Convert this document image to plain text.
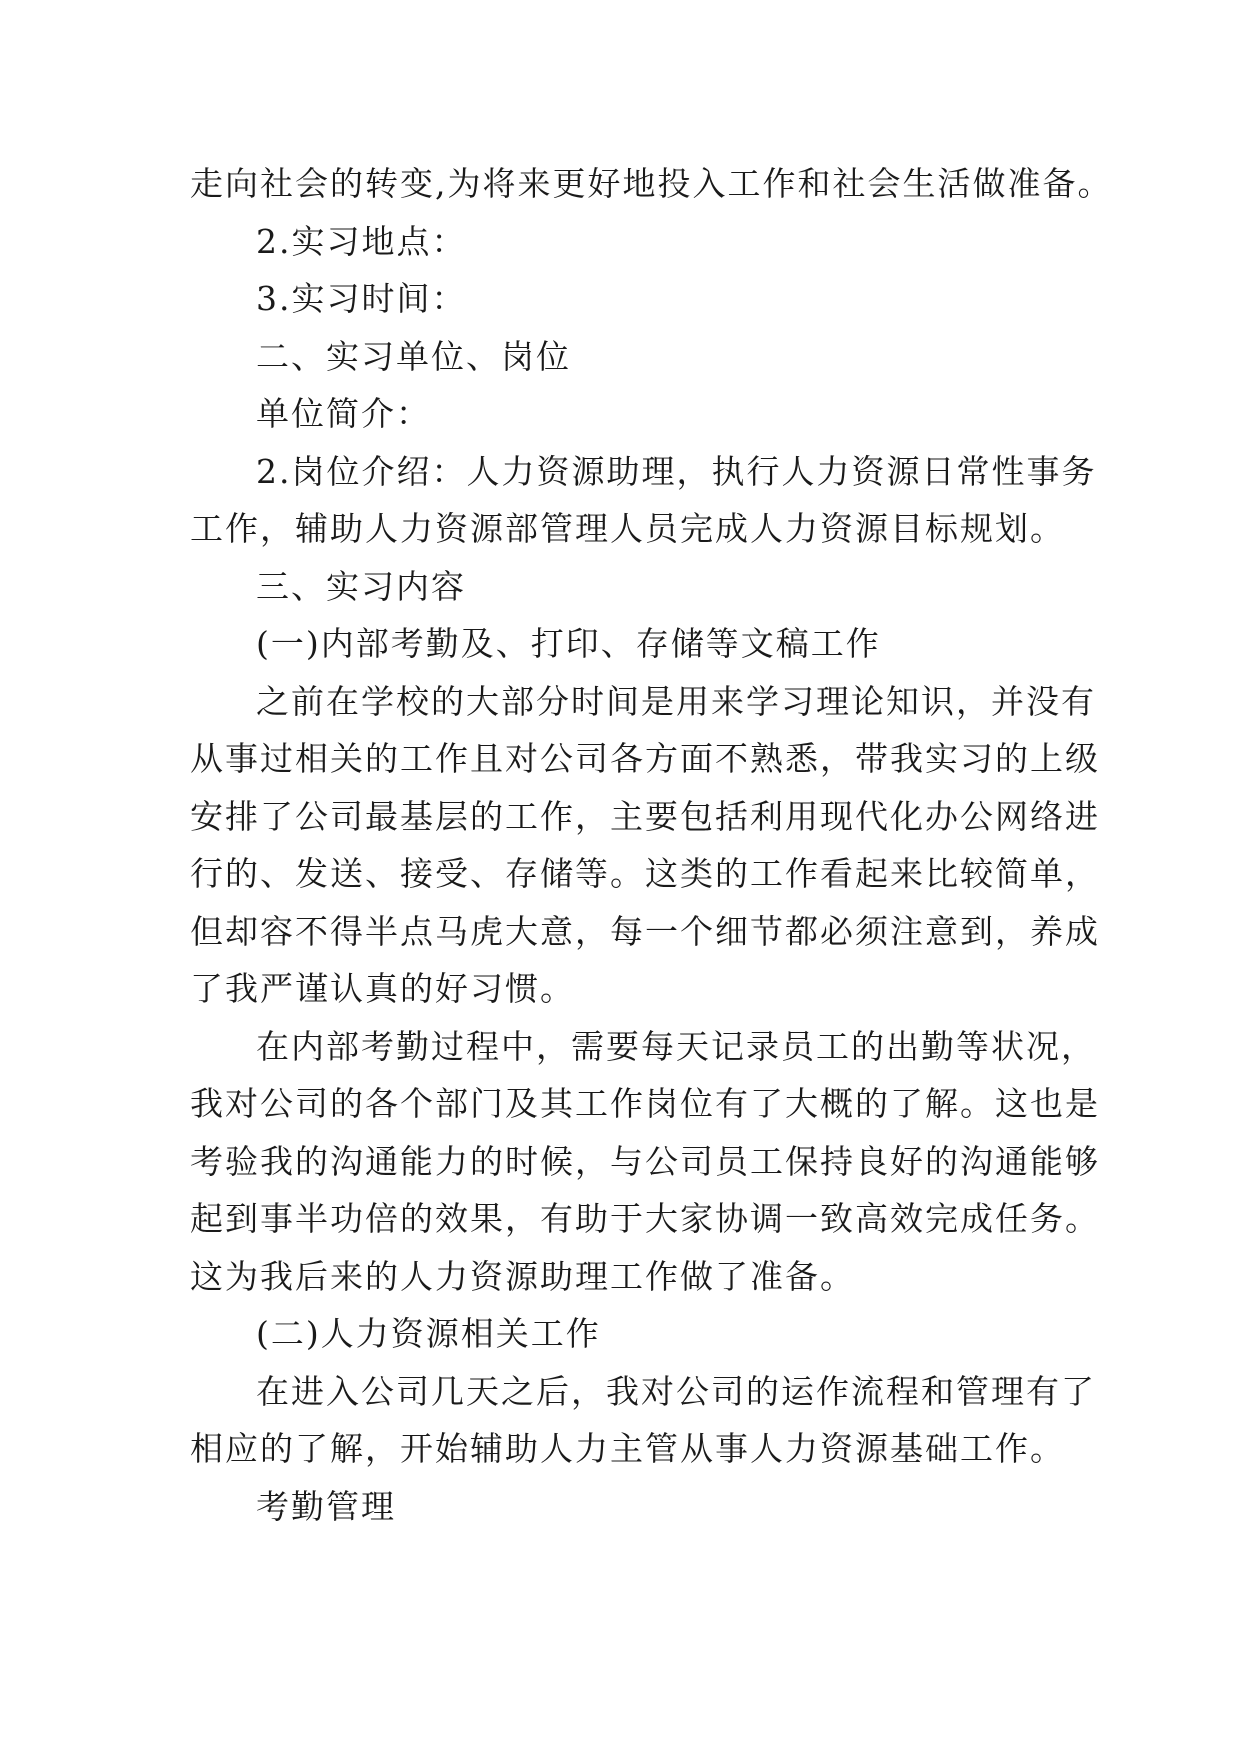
走向社会的转变,为将来更好地投入工作和社会生活做准备。
2.实习地点：
3.实习时间：
二、实习单位、岗位
单位简介：
2.岗位介绍：人力资源助理，执行人力资源日常性事务
工作，辅助人力资源部管理人员完成人力资源目标规划。
三、实习内容
(一)内部考勤及、打印、存储等文稿工作
之前在学校的大部分时间是用来学习理论知识，并没有
从事过相关的工作且对公司各方面不熟悉，带我实习的上级
安排了公司最基层的工作，主要包括利用现代化办公网络进
行的、发送、接受、存储等。这类的工作看起来比较简单，
但却容不得半点马虎大意，每一个细节都必须注意到，养成
了我严谨认真的好习惯。
在内部考勤过程中，需要每天记录员工的出勤等状况，
我对公司的各个部门及其工作岗位有了大概的了解。这也是
考验我的沟通能力的时候，与公司员工保持良好的沟通能够
起到事半功倍的效果，有助于大家协调一致高效完成任务。
这为我后来的人力资源助理工作做了准备。
(二)人力资源相关工作
在进入公司几天之后，我对公司的运作流程和管理有了
相应的了解，开始辅助人力主管从事人力资源基础工作。
考勤管理
